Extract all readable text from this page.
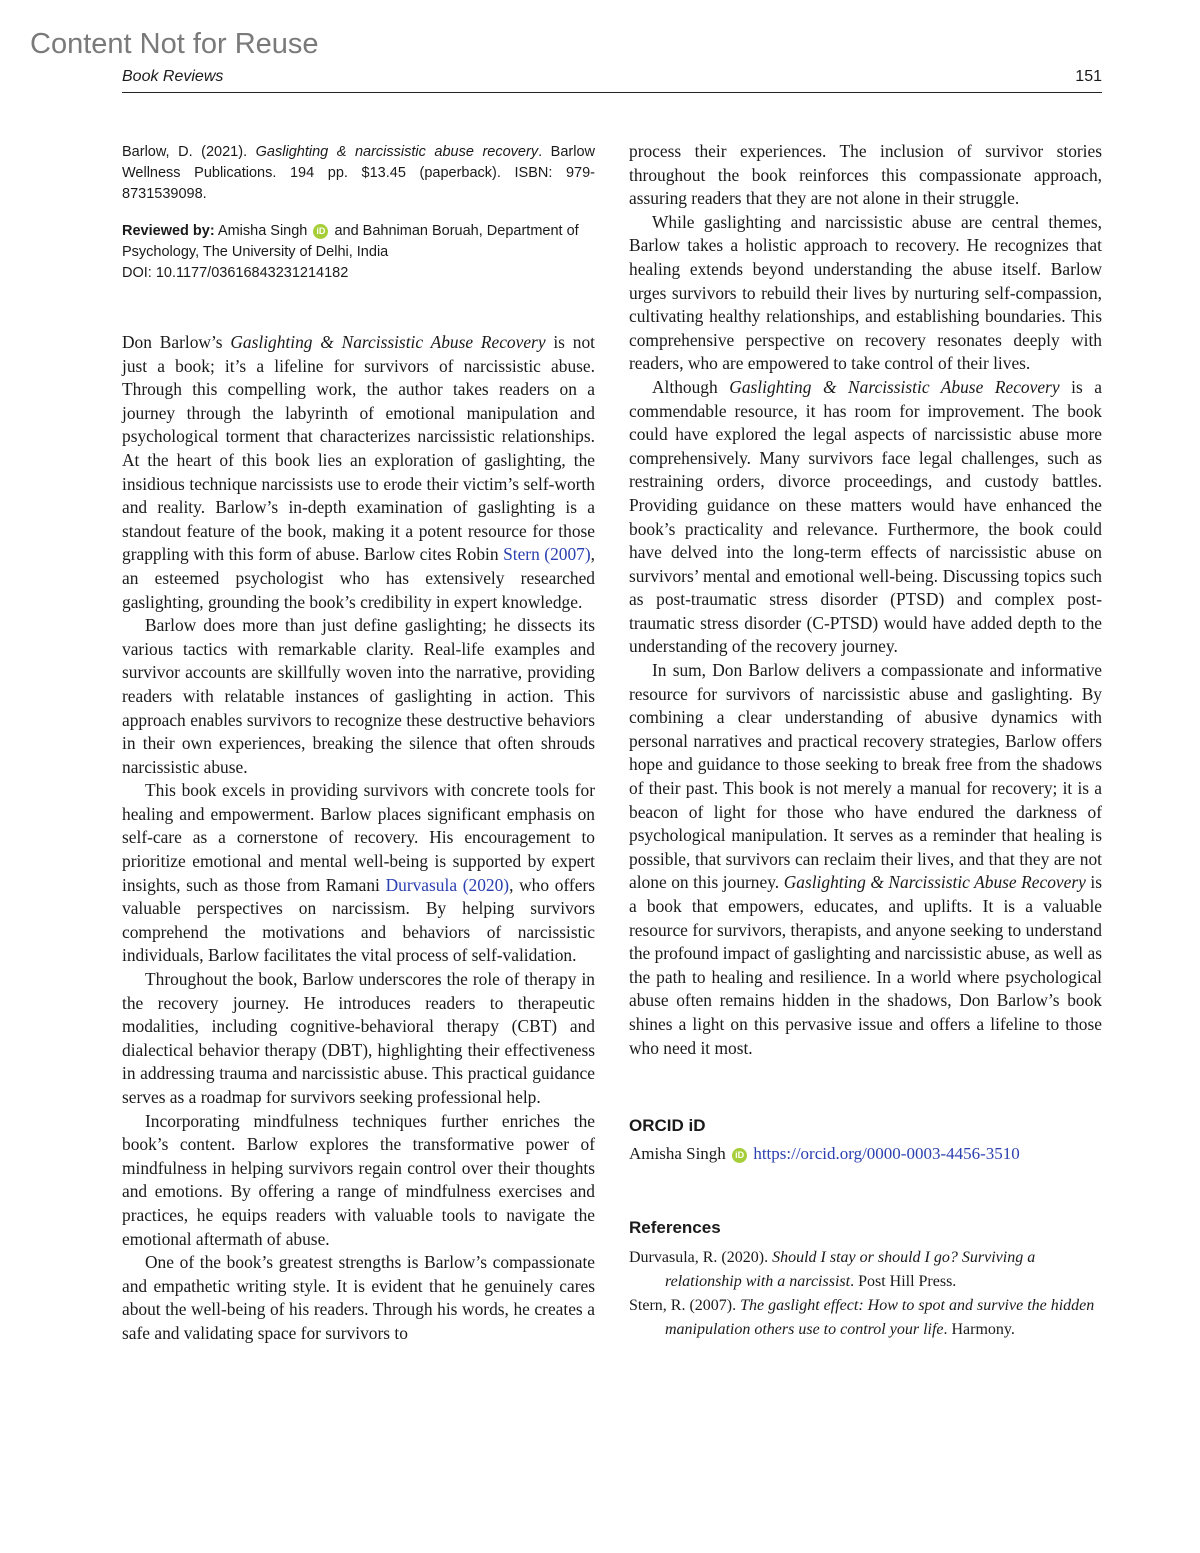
Content Not for Reuse
Book Reviews	151

Barlow, D. (2021). Gaslighting & narcissistic abuse recovery. Barlow Wellness Publications. 194 pp. $13.45 (paperback). ISBN: 979-8731539098.

Reviewed by: Amisha Singh iD and Bahniman Boruah, Department of Psychology, The University of Delhi, India
DOI: 10.1177/03616843231214182

Don Barlow’s Gaslighting & Narcissistic Abuse Recovery is not just a book; it’s a lifeline for survivors of narcissistic abuse. Through this compelling work, the author takes readers on a journey through the labyrinth of emotional manipulation and psychological torment that characterizes narcissistic relationships. At the heart of this book lies an exploration of gaslighting, the insidious technique narcissists use to erode their victim’s self-worth and reality. Barlow’s in-depth examination of gaslighting is a standout feature of the book, making it a potent resource for those grappling with this form of abuse. Barlow cites Robin Stern (2007), an esteemed psychologist who has extensively researched gaslighting, grounding the book’s credibility in expert knowledge.

Barlow does more than just define gaslighting; he dissects its various tactics with remarkable clarity. Real-life examples and survivor accounts are skillfully woven into the narrative, providing readers with relatable instances of gaslighting in action. This approach enables survivors to recognize these destructive behaviors in their own experiences, breaking the silence that often shrouds narcissistic abuse.

This book excels in providing survivors with concrete tools for healing and empowerment. Barlow places significant emphasis on self-care as a cornerstone of recovery. His encouragement to prioritize emotional and mental well-being is supported by expert insights, such as those from Ramani Durvasula (2020), who offers valuable perspectives on narcissism. By helping survivors comprehend the motivations and behaviors of narcissistic individuals, Barlow facilitates the vital process of self-validation.

Throughout the book, Barlow underscores the role of therapy in the recovery journey. He introduces readers to therapeutic modalities, including cognitive-behavioral therapy (CBT) and dialectical behavior therapy (DBT), highlighting their effectiveness in addressing trauma and narcissistic abuse. This practical guidance serves as a roadmap for survivors seeking professional help.

Incorporating mindfulness techniques further enriches the book’s content. Barlow explores the transformative power of mindfulness in helping survivors regain control over their thoughts and emotions. By offering a range of mindfulness exercises and practices, he equips readers with valuable tools to navigate the emotional aftermath of abuse.

One of the book’s greatest strengths is Barlow’s compassionate and empathetic writing style. It is evident that he genuinely cares about the well-being of his readers. Through his words, he creates a safe and validating space for survivors to

process their experiences. The inclusion of survivor stories throughout the book reinforces this compassionate approach, assuring readers that they are not alone in their struggle.

While gaslighting and narcissistic abuse are central themes, Barlow takes a holistic approach to recovery. He recognizes that healing extends beyond understanding the abuse itself. Barlow urges survivors to rebuild their lives by nurturing self-compassion, cultivating healthy relationships, and establishing boundaries. This comprehensive perspective on recovery resonates deeply with readers, who are empowered to take control of their lives.

Although Gaslighting & Narcissistic Abuse Recovery is a commendable resource, it has room for improvement. The book could have explored the legal aspects of narcissistic abuse more comprehensively. Many survivors face legal challenges, such as restraining orders, divorce proceedings, and custody battles. Providing guidance on these matters would have enhanced the book’s practicality and relevance. Furthermore, the book could have delved into the long-term effects of narcissistic abuse on survivors’ mental and emotional well-being. Discussing topics such as post-traumatic stress disorder (PTSD) and complex post-traumatic stress disorder (C-PTSD) would have added depth to the understanding of the recovery journey.

In sum, Don Barlow delivers a compassionate and informative resource for survivors of narcissistic abuse and gaslighting. By combining a clear understanding of abusive dynamics with personal narratives and practical recovery strategies, Barlow offers hope and guidance to those seeking to break free from the shadows of their past. This book is not merely a manual for recovery; it is a beacon of light for those who have endured the darkness of psychological manipulation. It serves as a reminder that healing is possible, that survivors can reclaim their lives, and that they are not alone on this journey. Gaslighting & Narcissistic Abuse Recovery is a book that empowers, educates, and uplifts. It is a valuable resource for survivors, therapists, and anyone seeking to understand the profound impact of gaslighting and narcissistic abuse, as well as the path to healing and resilience. In a world where psychological abuse often remains hidden in the shadows, Don Barlow’s book shines a light on this pervasive issue and offers a lifeline to those who need it most.

ORCID iD
Amisha Singh iD https://orcid.org/0000-0003-4456-3510
References
Durvasula, R. (2020). Should I stay or should I go? Surviving a relationship with a narcissist. Post Hill Press.
Stern, R. (2007). The gaslight effect: How to spot and survive the hidden manipulation others use to control your life. Harmony.
